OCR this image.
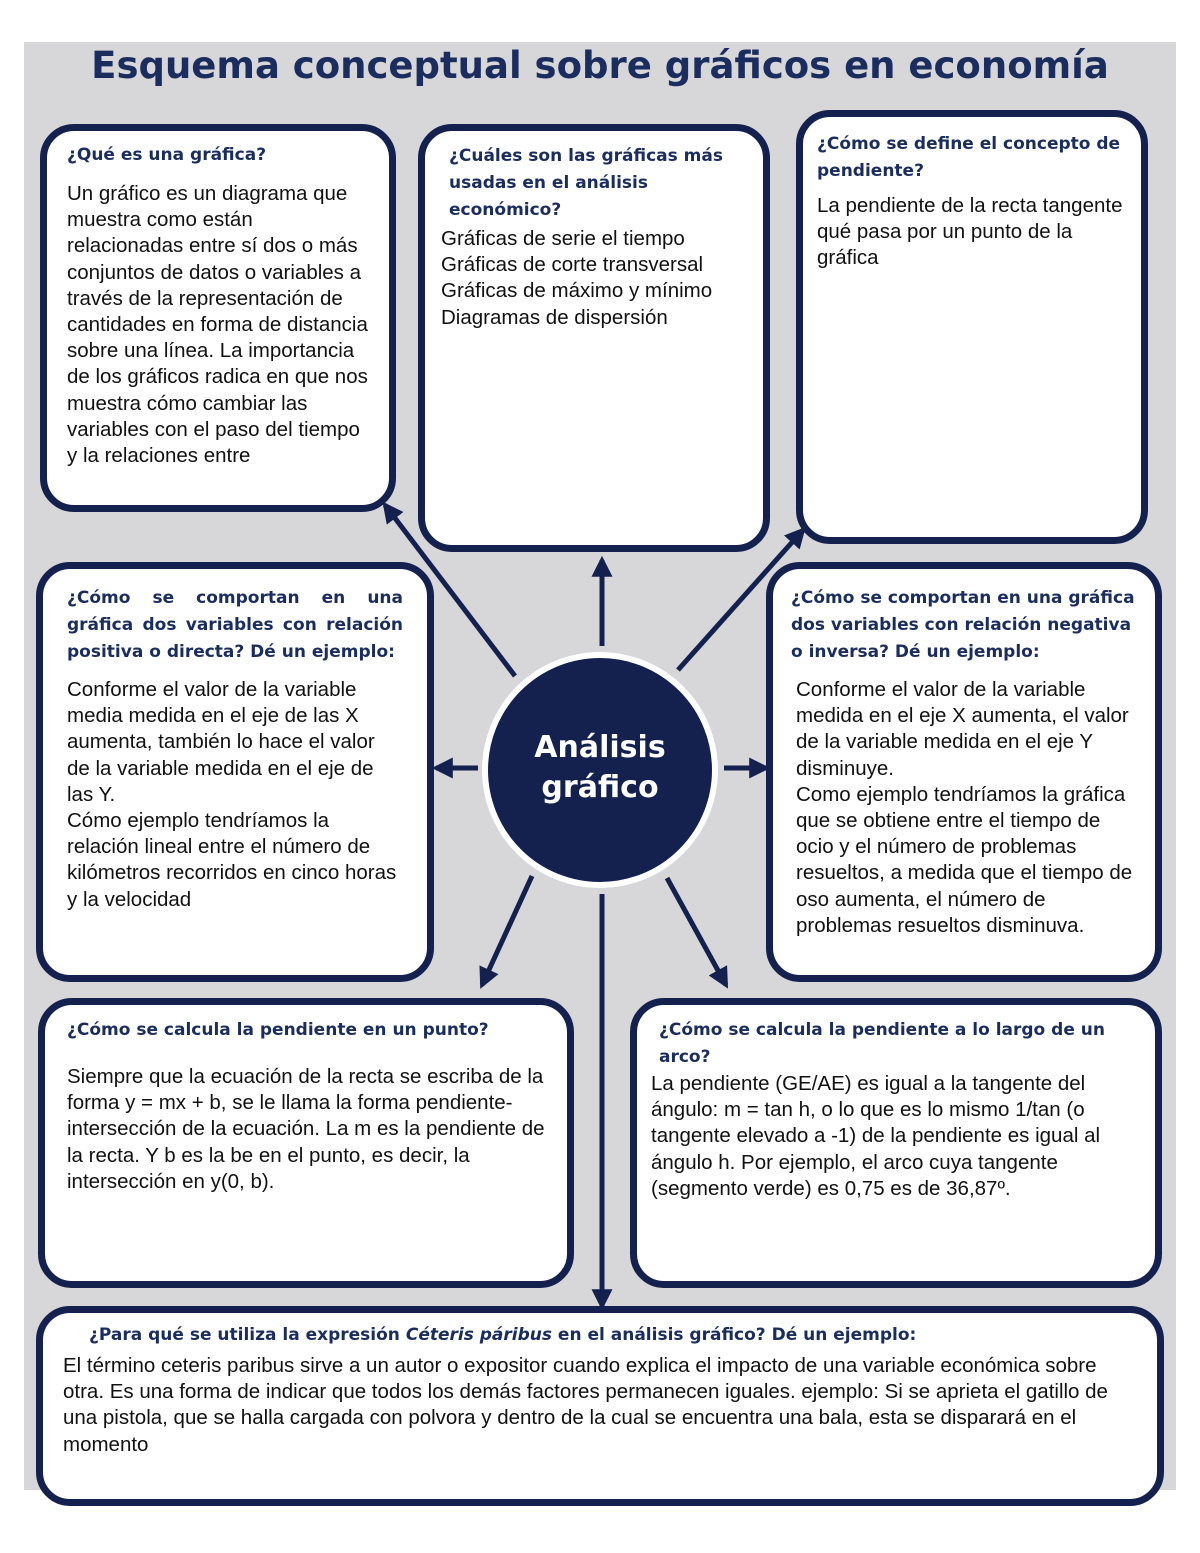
Esquema conceptual sobre gráficos en economía
Análisis
gráfico

¿Qué es una gráfica?

Un gráfico es un diagrama que muestra como están relacionadas entre sí dos o más conjuntos de datos o variables a través de la representación de cantidades en forma de distancia sobre una línea. La importancia de los gráficos radica en que nos muestra cómo cambiar las variables con el paso del tiempo y la relaciones entre

¿Cuáles son las gráficas más usadas en el análisis económico?

Gráficas de serie el tiempo

Gráficas de corte transversal

Gráficas de máximo y mínimo

Diagramas de dispersión

¿Cómo se define el concepto de pendiente?

La pendiente de la recta tangente qué pasa por un punto de la gráfica

¿Cómo se comportan en una gráfica dos variables con relación positiva o directa? Dé un ejemplo:

Conforme el valor de la variable media medida en el eje de las X aumenta, también lo hace el valor de la variable medida en el eje de las Y.

Cómo ejemplo tendríamos la relación lineal entre el número de kilómetros recorridos en cinco horas y la velocidad

¿Cómo se comportan en una gráfica dos variables con relación negativa o inversa? Dé un ejemplo:

Conforme el valor de la variable medida en el eje X aumenta, el valor de la variable medida en el eje Y disminuye.

Como ejemplo tendríamos la gráfica que se obtiene entre el tiempo de ocio y el número de problemas resueltos, a medida que el tiempo de oso aumenta, el número de problemas resueltos disminuva.

¿Cómo se calcula la pendiente en un punto?

Siempre que la ecuación de la recta se escriba de la forma y = mx + b, se le llama la forma pendiente-intersección de la ecuación. La m es la pendiente de la recta. Y b es la be en el punto, es decir, la intersección en y(0, b).

¿Cómo se calcula la pendiente a lo largo de un arco?

La pendiente (GE/AE) es igual a la tangente del ángulo: m = tan h, o lo que es lo mismo 1/tan (o tangente elevado a -1) de la pendiente es igual al ángulo h. Por ejemplo, el arco cuya tangente (segmento verde) es 0,75 es de 36,87º.

¿Para qué se utiliza la expresión Céteris páribus en el análisis gráfico? Dé un ejemplo:

El término ceteris paribus sirve a un autor o expositor cuando explica el impacto de una variable económica sobre otra. Es una forma de indicar que todos los demás factores permanecen iguales. ejemplo: Si se aprieta el gatillo de una pistola, que se halla cargada con polvora y dentro de la cual se encuentra una bala, esta se disparará en el momento
